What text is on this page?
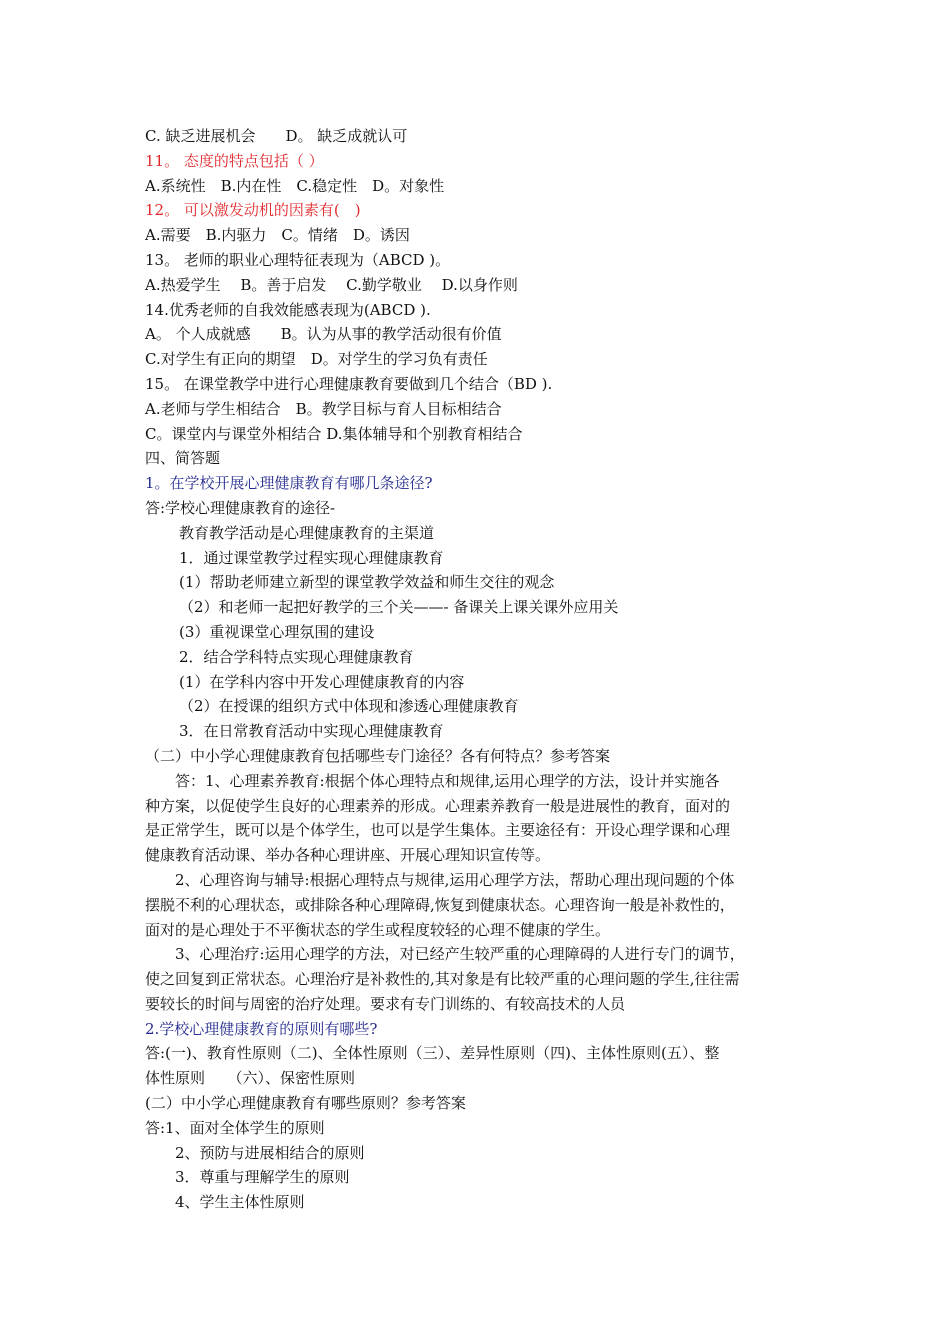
C. 缺乏进展机会　　D。 缺乏成就认可
11。 态度的特点包括（ ）
A.系统性　B.内在性　C.稳定性　D。对象性
12。 可以激发动机的因素有(　)
A.需要　B.内驱力　C。情绪　D。诱因
13。 老师的职业心理特征表现为（ABCD )。
A.热爱学生　 B。善于启发　 C.勤学敬业　 D.以身作则
14.优秀老师的自我效能感表现为(ABCD ).
A。 个人成就感　　B。认为从事的教学活动很有价值
C.对学生有正向的期望　D。对学生的学习负有责任
15。 在课堂教学中进行心理健康教育要做到几个结合（BD ).
A.老师与学生相结合　B。教学目标与育人目标相结合
C。课堂内与课堂外相结合 D.集体辅导和个别教育相结合
四、简答题
1。在学校开展心理健康教育有哪几条途径?
答:学校心理健康教育的途径-
教育教学活动是心理健康教育的主渠道
1．通过课堂教学过程实现心理健康教育
(1）帮助老师建立新型的课堂教学效益和师生交往的观念
（2）和老师一起把好教学的三个关——- 备课关上课关课外应用关
(3）重视课堂心理氛围的建设
2．结合学科特点实现心理健康教育
(1）在学科内容中开发心理健康教育的内容
（2）在授课的组织方式中体现和渗透心理健康教育
3．在日常教育活动中实现心理健康教育
（二）中小学心理健康教育包括哪些专门途径？各有何特点？参考答案
　　答：1、心理素养教育:根据个体心理特点和规律,运用心理学的方法，设计并实施各
种方案，以促使学生良好的心理素养的形成。心理素养教育一般是进展性的教育，面对的
是正常学生，既可以是个体学生，也可以是学生集体。主要途径有：开设心理学课和心理
健康教育活动课、举办各种心理讲座、开展心理知识宣传等。
　　2、心理咨询与辅导:根据心理特点与规律,运用心理学方法，帮助心理出现问题的个体
摆脱不利的心理状态，或排除各种心理障碍,恢复到健康状态。心理咨询一般是补救性的，
面对的是心理处于不平衡状态的学生或程度较轻的心理不健康的学生。
　　3、心理治疗:运用心理学的方法，对已经产生较严重的心理障碍的人进行专门的调节，
使之回复到正常状态。心理治疗是补救性的,其对象是有比较严重的心理问题的学生,往往需
要较长的时间与周密的治疗处理。要求有专门训练的、有较高技术的人员
2.学校心理健康教育的原则有哪些?
答:(一)、教育性原则（二)、全体性原则（三）、差异性原则（四)、主体性原则(五）、整
体性原则　　（六）、保密性原则
(二）中小学心理健康教育有哪些原则？参考答案
答:1、面对全体学生的原则
2、预防与进展相结合的原则
3．尊重与理解学生的原则
4、学生主体性原则
